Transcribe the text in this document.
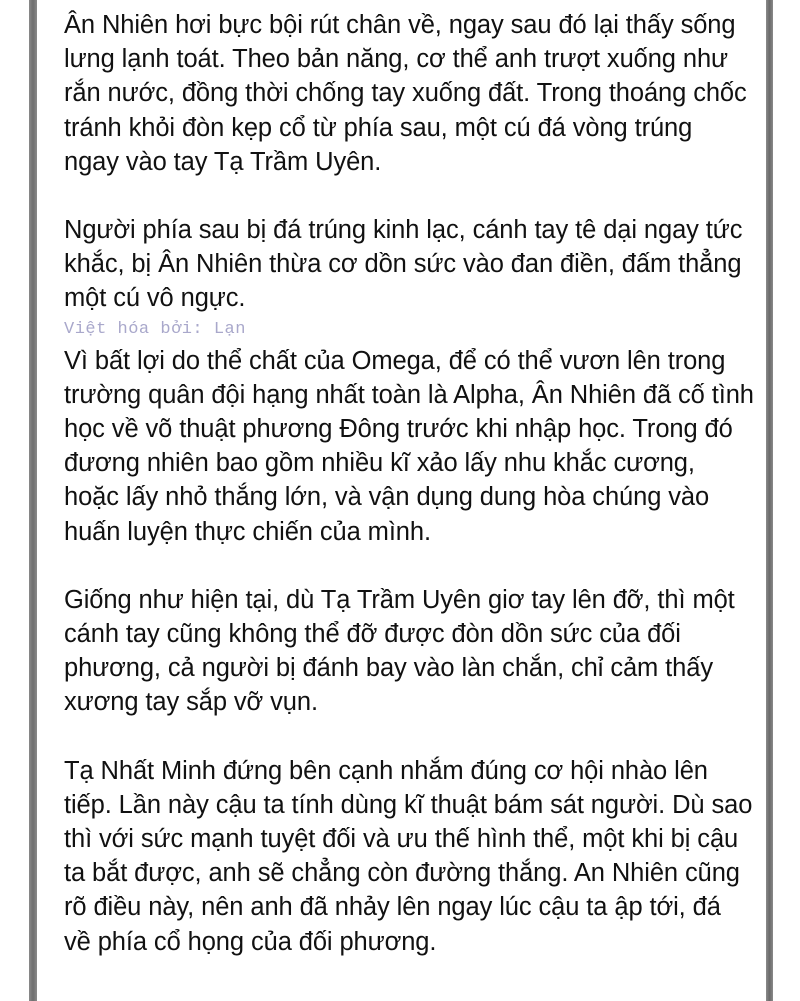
Ân Nhiên hơi bực bội rút chân về, ngay sau đó lại thấy sống lưng lạnh toát. Theo bản năng, cơ thể anh trượt xuống như rắn nước, đồng thời chống tay xuống đất. Trong thoáng chốc tránh khỏi đòn kẹp cổ từ phía sau, một cú đá vòng trúng ngay vào tay Tạ Trầm Uyên.

Người phía sau bị đá trúng kinh lạc, cánh tay tê dại ngay tức khắc, bị Ân Nhiên thừa cơ dồn sức vào đan điền, đấm thẳng một cú vô ngực.

Việt hóa bởi: Lạn

Vì bất lợi do thể chất của Omega, để có thể vươn lên trong trường quân đội hạng nhất toàn là Alpha, Ân Nhiên đã cố tình học về võ thuật phương Đông trước khi nhập học. Trong đó đương nhiên bao gồm nhiều kĩ xảo lấy nhu khắc cương, hoặc lấy nhỏ thắng lớn, và vận dụng dung hòa chúng vào huấn luyện thực chiến của mình.

Giống như hiện tại, dù Tạ Trầm Uyên giơ tay lên đỡ, thì một cánh tay cũng không thể đỡ được đòn dồn sức của đối phương, cả người bị đánh bay vào làn chắn, chỉ cảm thấy xương tay sắp vỡ vụn.

Tạ Nhất Minh đứng bên cạnh nhắm đúng cơ hội nhào lên tiếp. Lần này cậu ta tính dùng kĩ thuật bám sát người. Dù sao thì với sức mạnh tuyệt đối và ưu thế hình thể, một khi bị cậu ta bắt được, anh sẽ chẳng còn đường thắng. An Nhiên cũng rõ điều này, nên anh đã nhảy lên ngay lúc cậu ta ập tới, đá về phía cổ họng của đối phương.
